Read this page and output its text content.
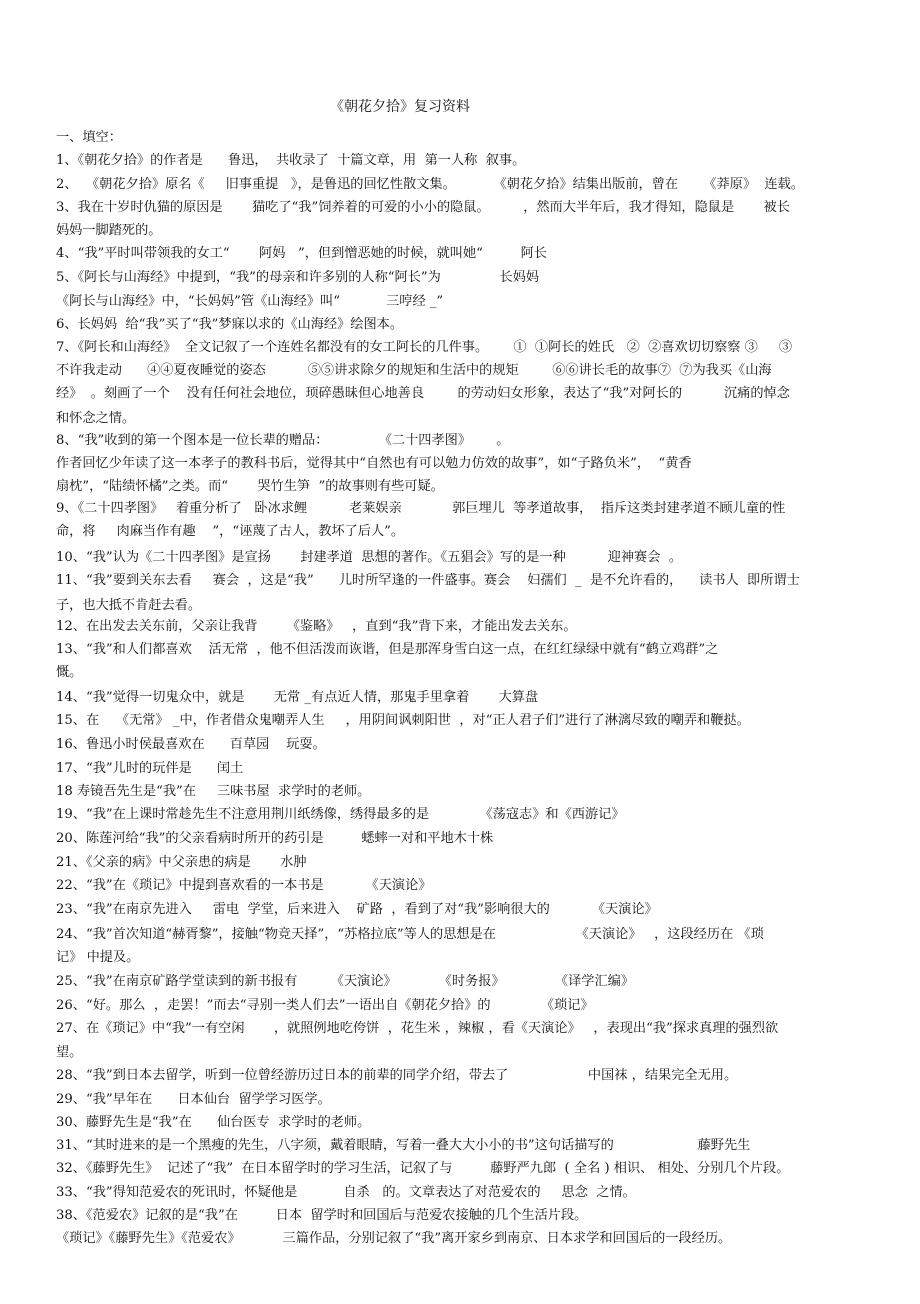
《朝花夕拾》复习资料
一、填空：
1、《朝花夕拾》的作者是      鲁迅，  共收录了  十篇文章，用  第一人称  叙事。
2、  《朝花夕拾》原名《     旧事重提   》，是鲁迅的回忆性散文集。         《朝花夕拾》结集出版前，曾在      《莽原》  连载。
3、我在十岁时仇猫的原因是       猫吃了“我”饲养着的可爱的小小的隐鼠。        ，然而大半年后，我才得知，隐鼠是       被长
妈妈一脚踏死的。
4、“我”平时叫带领我的女工“       阿妈   ”，但到憎恶她的时候，就叫她“         阿长
5、《阿长与山海经》中提到，“我”的母亲和许多别的人称“阿长”为              长妈妈
《阿长与山海经》中，“长妈妈”管《山海经》叫“           三哼经 _”
6、长妈妈  给“我”买了“我”梦寐以求的《山海经》绘图本。
7、《阿长和山海经》  全文记叙了一个连姓名都没有的女工阿长的几件事。      ①  ①阿长的姓氏   ②  ②喜欢切切察察 ③     ③
不许我走动      ④④夏夜睡觉的姿态          ⑤⑤讲求除夕的规矩和生活中的规矩        ⑥⑥讲长毛的故事⑦  ⑦为我买《山海
经》  。刻画了一个    没有任何社会地位，顼碎愚昧但心地善良        的劳动妇女形象，表达了“我”对阿长的          沉痛的悼念
和怀念之情。
8、“我”收到的第一个图本是一位长辈的赠品：            《二十四孝图》      。
作者回忆少年读了这一本孝子的教科书后，觉得其中“自然也有可以勉力仿效的故事”，如“子路负米”，  “黄香
扇枕”，“陆绩怀橘”之类。而“       哭竹生笋  ”的故事则有些可疑。
9、《二十四孝图》   着重分析了   卧冰求鲤          老莱娱亲            郭巨埋儿  等孝道故事，  指斥这类封建孝道不顾儿童的性
命，将     肉麻当作有趣    ”，“诬蔑了古人，教坏了后人”。
10、“我”认为《二十四孝图》是宣扬       封建孝道  思想的著作。《五猖会》写的是一种          迎神赛会  。
11、“我”要到关东去看     赛会  ，这是“我”      儿时所罕逢的一件盛事。赛会    妇孺们  _  是不允许看的，    读书人  即所谓士
子，也大抵不肯赶去看。
12、在出发去关东前，父亲让我背       《鉴略》   ，直到“我”背下来，才能出发去关东。
13、“我”和人们都喜欢    活无常  ，他不但活泼而诙谐，但是那浑身雪白这一点，在红红绿绿中就有“鹤立鸡群”之
慨。
14、“我”觉得一切鬼众中，就是       无常 _有点近人情，那鬼手里拿着       大算盘
15、在    《无常》 _中，作者借众鬼嘲弄人生     ，用阴间讽刺阳世  ，对“正人君子们”进行了淋漓尽致的嘲弄和鞭挞。
16、鲁迅小时侯最喜欢在      百草园    玩耍。
17、“我”儿时的玩伴是      闰土
18 寿镜吾先生是“我”在     三味书屋  求学时的老师。
19、“我”在上课时常趁先生不注意用荆川纸绣像，绣得最多的是            《荡寇志》和《西游记》
20、陈莲河给“我”的父亲看病时所开的药引是         蟋蟀一对和平地木十株
21、《父亲的病》中父亲患的病是       水肿
22、“我”在《琐记》中提到喜欢看的一本书是          《天演论》
23、“我”在南京先进入     雷电  学堂，后来进入    矿路  ，看到了对“我”影响很大的          《天演论》
24、“我”首次知道“赫胥黎”，接触“物竞天择”，“苏格拉底”等人的思想是在                   《天演论》   ，这段经历在 《琐
记》 中提及。
25、“我”在南京矿路学堂读到的新书报有        《天演论》          《时务报》            《译学汇编》
26、“好。那么  ，走罢！”而去“寻别一类人们去”一语出自《朝花夕拾》的            《琐记》
27、在《琐记》中“我”一有空闲       ，就照例地吃侉饼  ，花生米 ，辣椒 ，看《天演论》   ，表现出“我”探求真理的强烈欲
望。
28、“我”到日本去留学，听到一位曾经游历过日本的前辈的同学介绍，带去了                   中国袜 ，结果完全无用。
29、“我”早年在      日本仙台  留学学习医学。
30、藤野先生是“我”在      仙台医专  求学时的老师。
31、“其时进来的是一个黑瘦的先生，八字须，戴着眼睛，写着一叠大大小小的书”这句话描写的                    藤野先生
32、《藤野先生》  记述了“我”  在日本留学时的学习生活，记叙了与         藤野严九郎  ( 全名 ) 相识、 相处、分别几个片段。
33、“我”得知范爱农的死讯时，怀疑他是           自杀   的。文章表达了对范爱农的     思念  之情。
38、《范爱农》记叙的是“我”在         日本  留学时和回国后与范爱农接触的几个生活片段。
《琐记》《藤野先生》《范爱农》          三篇作品，分别记叙了“我”离开家乡到南京、日本求学和回国后的一段经历。
